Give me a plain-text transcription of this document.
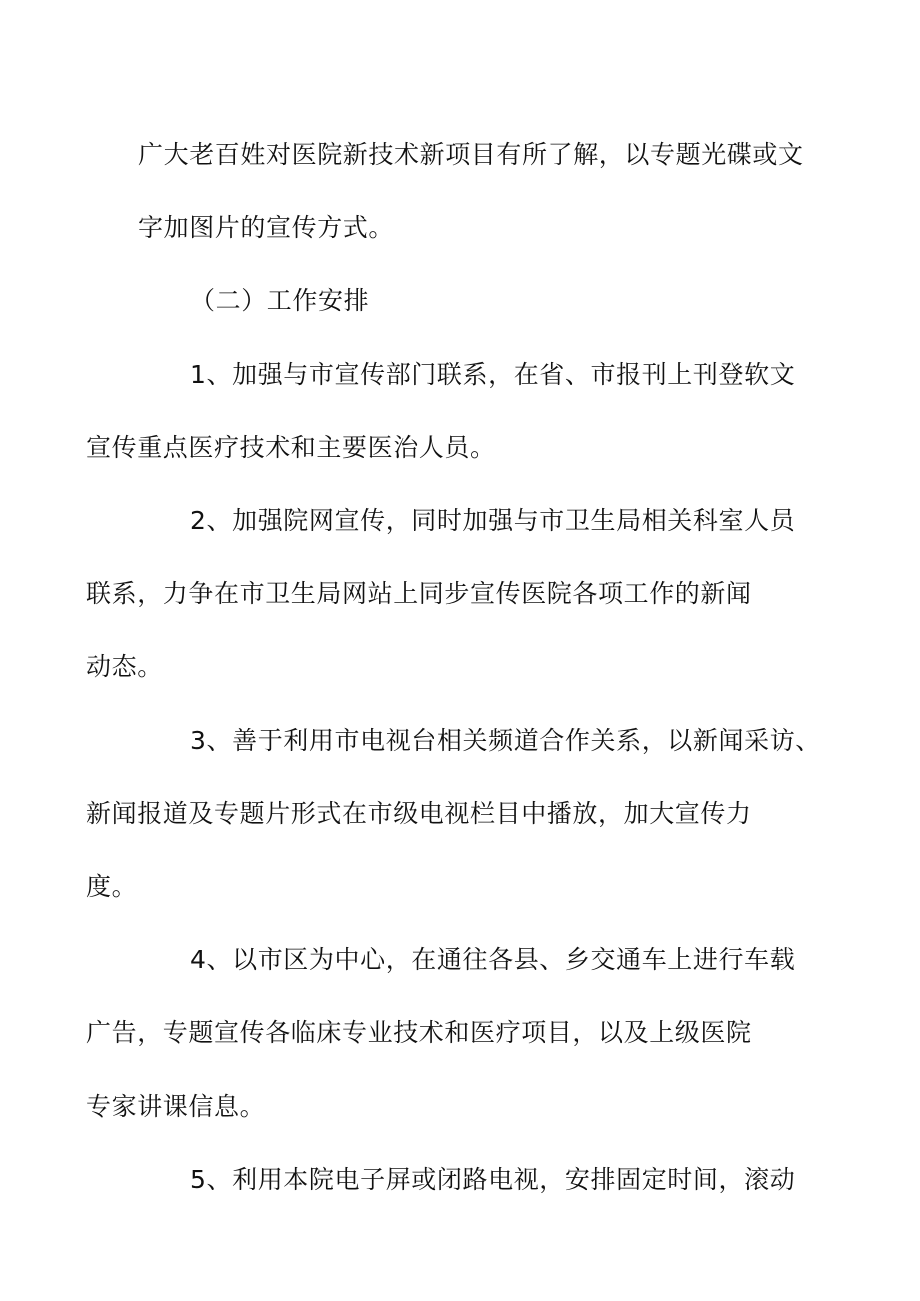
广大老百姓对医院新技术新项目有所了解，以专题光碟或文
字加图片的宣传方式。

（二）工作安排

1、加强与市宣传部门联系，在省、市报刊上刊登软文
宣传重点医疗技术和主要医治人员。

2、加强院网宣传，同时加强与市卫生局相关科室人员
联系，力争在市卫生局网站上同步宣传医院各项工作的新闻
动态。

3、善于利用市电视台相关频道合作关系，以新闻采访、
新闻报道及专题片形式在市级电视栏目中播放，加大宣传力
度。

4、以市区为中心，在通往各县、乡交通车上进行车载
广告，专题宣传各临床专业技术和医疗项目，以及上级医院
专家讲课信息。

5、利用本院电子屏或闭路电视，安排固定时间，滚动
